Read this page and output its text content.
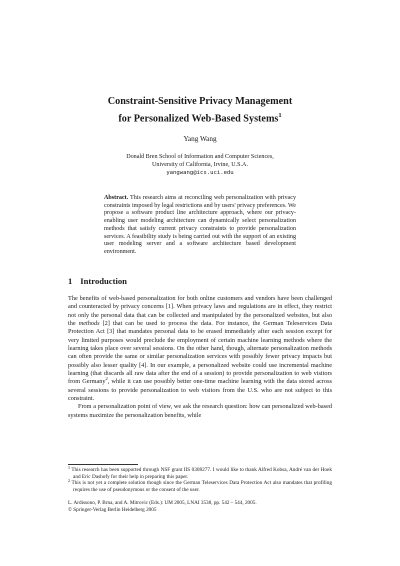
Constraint-Sensitive Privacy Management
for Personalized Web-Based Systems$^1$
Yang Wang
Donald Bren School of Information and Computer Sciences,
University of California, Irvine, U.S.A.
yangwang@ics.uci.edu
Abstract. This research aims at reconciling web personalization with privacy constraints imposed by legal restrictions and by users' privacy preferences. We propose a software product line architecture approach, where our privacy-enabling user modeling architecture can dynamically select personalization methods that satisfy current privacy constraints to provide personalization services. A feasibility study is being carried out with the support of an existing user modeling server and a software architecture based development environment.
1 Introduction

The benefits of web-based personalization for both online customers and vendors have been challenged and counteracted by privacy concerns [1]. When privacy laws and regulations are in effect, they restrict not only the personal data that can be collected and manipulated by the personalized websites, but also the methods [2] that can be used to process the data. For instance, the German Teleservices Data Protection Act [3] that mandates personal data to be erased immediately after each session except for very limited purposes would preclude the employment of certain machine learning methods where the learning takes place over several sessions. On the other hand, though, alternate personalization methods can often provide the same or similar personalization services with possibly fewer privacy impacts but possibly also lesser quality [4]. In our example, a personalized website could use incremental machine learning (that discards all raw data after the end of a session) to provide personalization to web visitors from Germany$^2$, while it can use possibly better one-time machine learning with the data stored across several sessions to provide personalization to web visitors from the U.S. who are not subject to this constraint.

From a personalization point of view, we ask the research question: how can personalized web-based systems maximize the personalization benefits, while

$^1$ This research has been supported through NSF grant IIS 0308277. I would like to thank Alfred Kobsa, André van der Hoek and Eric Dashofy for their help in preparing this paper.
$^2$ This is not yet a complete solution though since the German Teleservices Data Protection Act also mandates that profiling requires the use of pseudonymous or the consent of the user.
L. Ardissono, P. Brna, and A. Mitrovic (Eds.): UM 2005, LNAI 3538, pp. 542 – 544, 2005.
© Springer-Verlag Berlin Heidelberg 2005
